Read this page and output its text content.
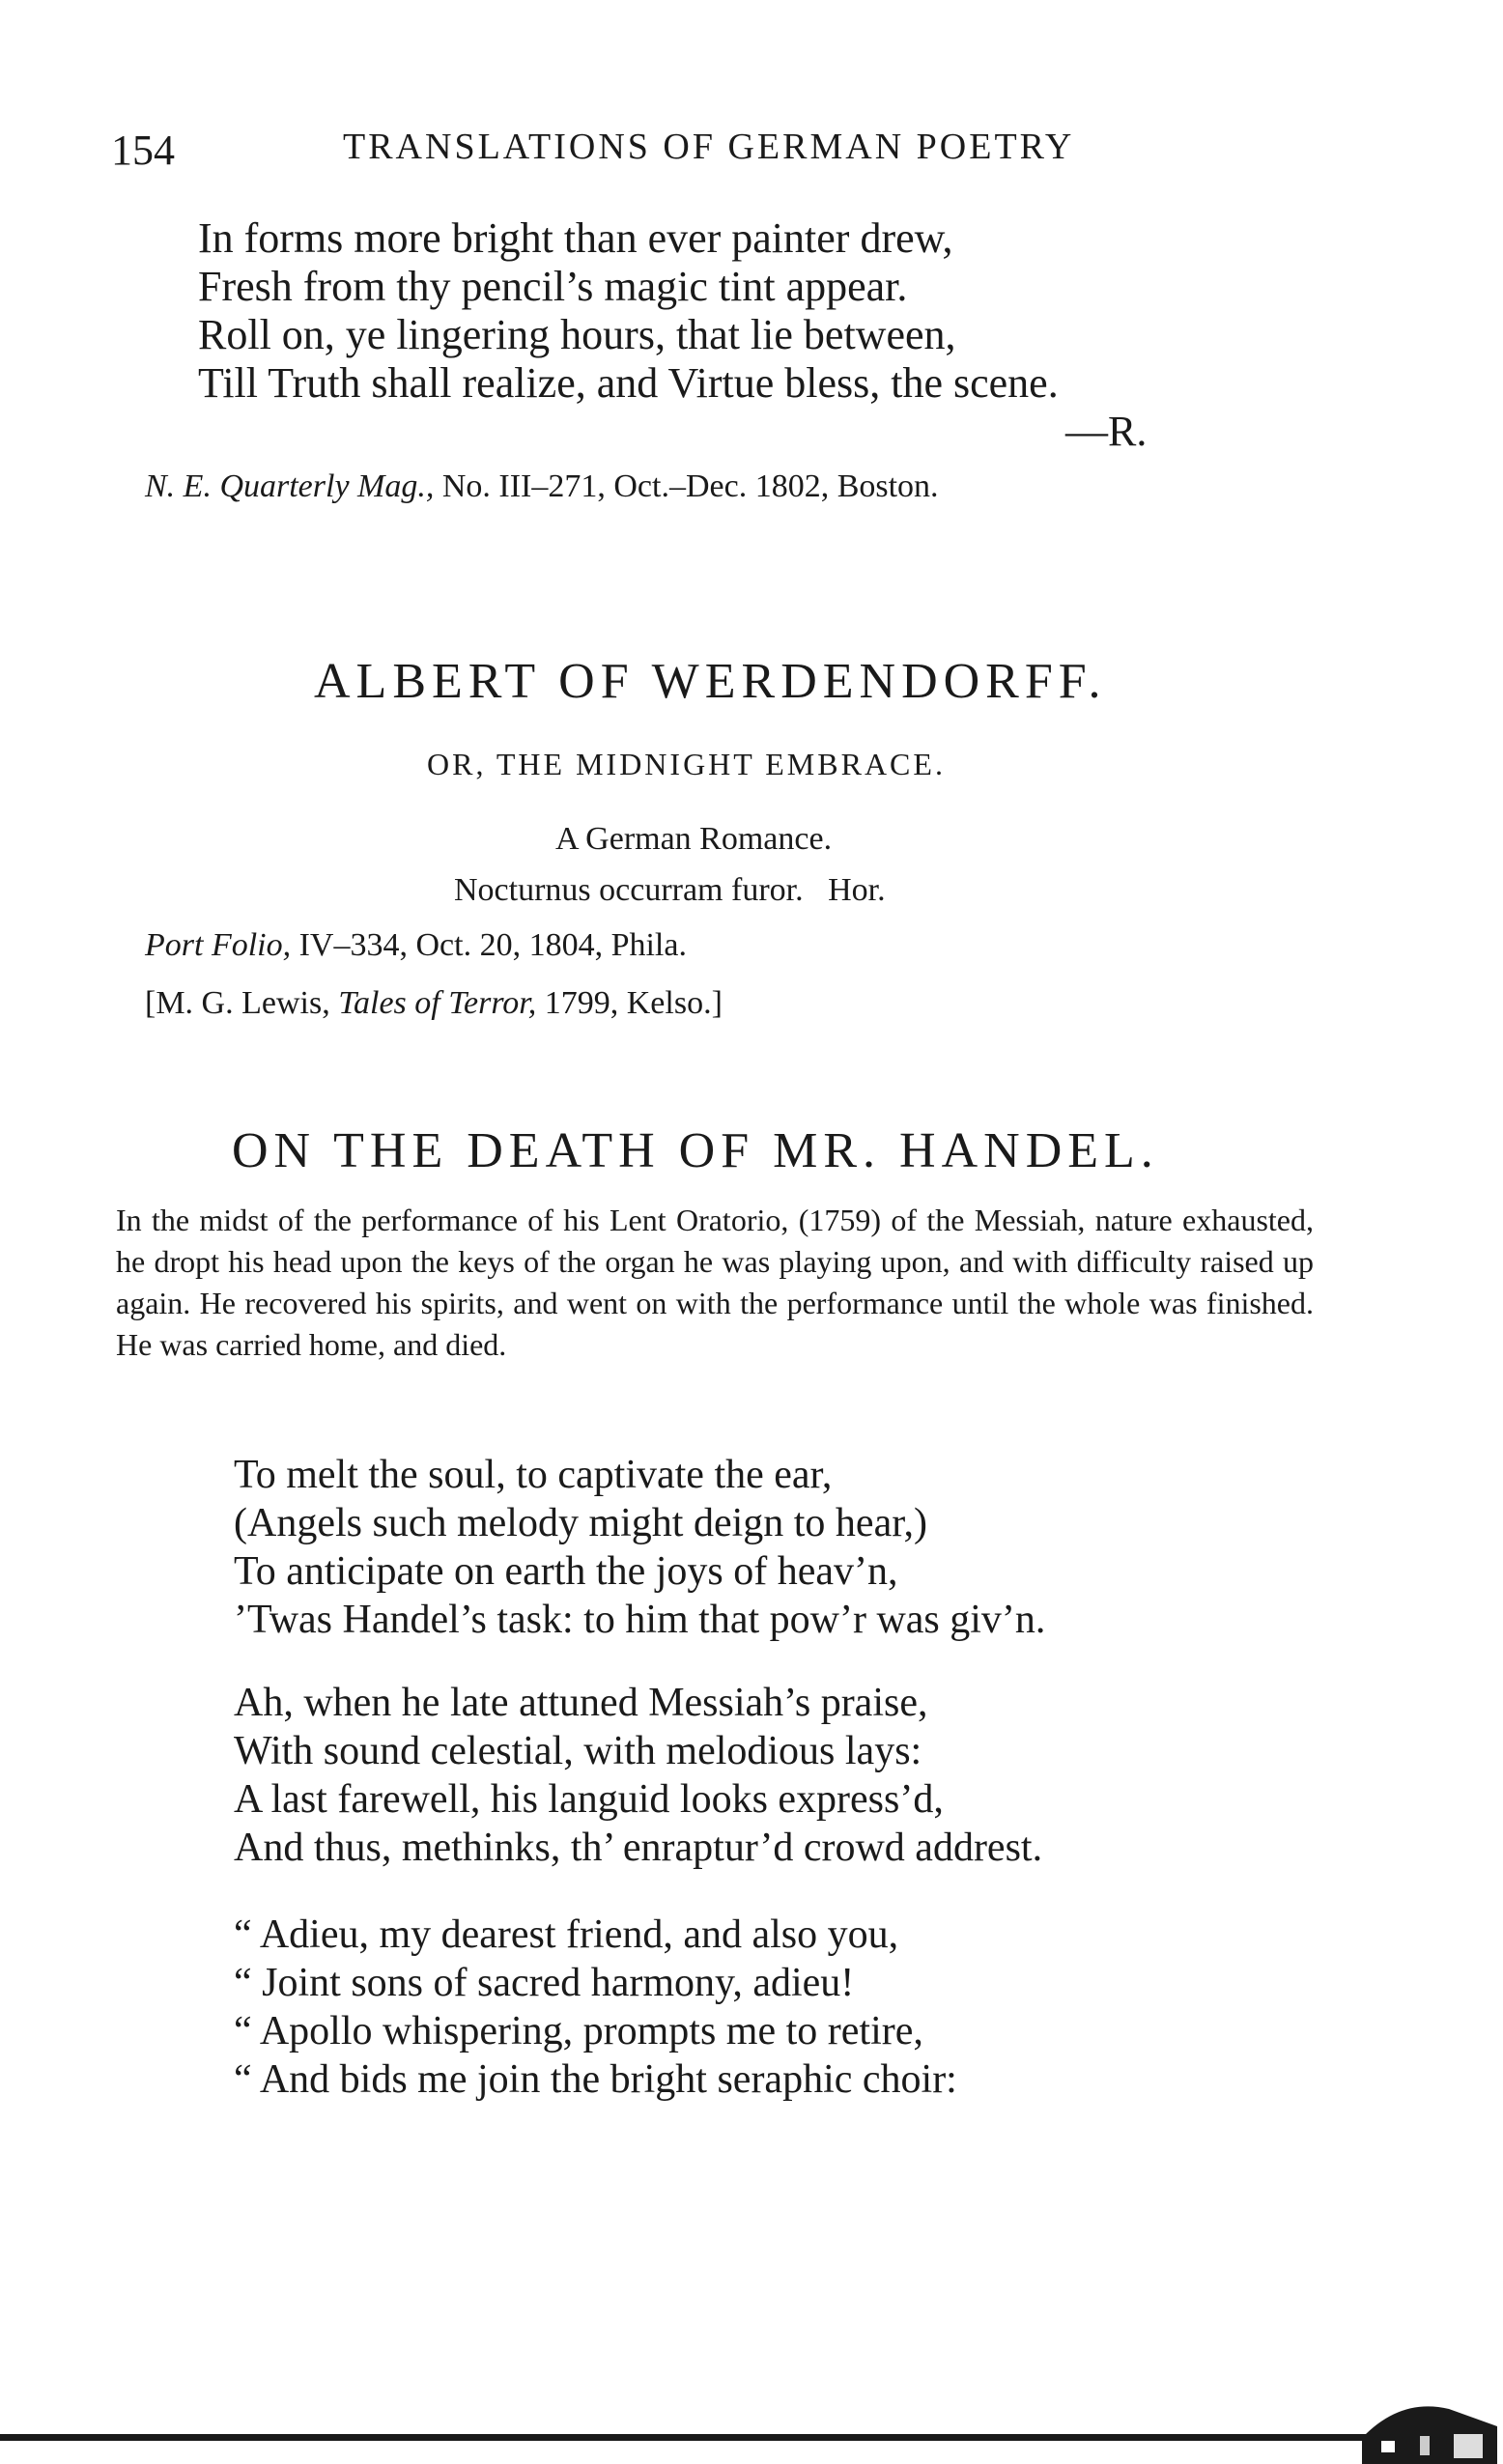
154	TRANSLATIONS OF GERMAN POETRY
In forms more bright than ever painter drew,
Fresh from thy pencil’s magic tint appear.
Roll on, ye lingering hours, that lie between,
Till Truth shall realize, and Virtue bless, the scene.
—R.
N. E. Quarterly Mag., No. III–271, Oct.–Dec. 1802, Boston.
ALBERT OF WERDENDORFF.
OR, THE MIDNIGHT EMBRACE.
A German Romance.
Nocturnus occurram furor.   Hor.
Port Folio, IV–334, Oct. 20, 1804, Phila.
[M. G. Lewis, Tales of Terror, 1799, Kelso.]
ON THE DEATH OF MR. HANDEL.
In the midst of the performance of his Lent Oratorio, (1759) of the Messiah, nature exhausted, he dropt his head upon the keys of the organ he was playing upon, and with difficulty raised up again. He recovered his spirits, and went on with the performance until the whole was finished. He was carried home, and died.
To melt the soul, to captivate the ear,
(Angels such melody might deign to hear,)
To anticipate on earth the joys of heav’n,
’Twas Handel’s task: to him that pow’r was giv’n.
Ah, when he late attuned Messiah’s praise,
With sound celestial, with melodious lays:
A last farewell, his languid looks express’d,
And thus, methinks, th’ enraptur’d crowd addrest.
“ Adieu, my dearest friend, and also you,
“ Joint sons of sacred harmony, adieu!
“ Apollo whispering, prompts me to retire,
“ And bids me join the bright seraphic choir:
